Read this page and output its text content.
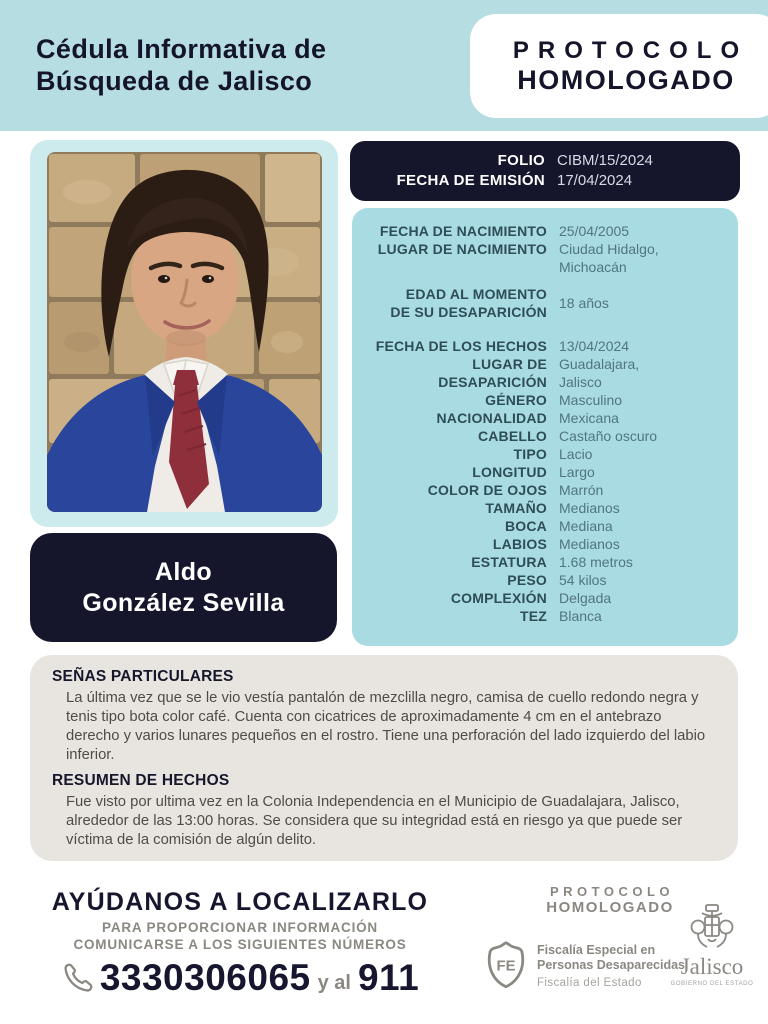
Cédula Informativa de
Búsqueda de Jalisco
PROTOCOLO
HOMOLOGADO
FOLIO CIBM/15/2024
FECHA DE EMISIÓN 17/04/2024
FECHA DE NACIMIENTO 25/04/2005
LUGAR DE NACIMIENTO Ciudad Hidalgo,
Michoacán
EDAD AL MOMENTO
DE SU DESAPARICIÓN
18 años
FECHA DE LOS HECHOS 13/04/2024
LUGAR DE DESAPARICIÓN
Guadalajara,
Jalisco
GÉNERO Masculino
NACIONALIDAD Mexicana
CABELLO Castaño oscuro
TIPO Lacio
LONGITUD Largo
COLOR DE OJOS Marrón
TAMAÑO Medianos
BOCA Mediana
LABIOS Medianos
ESTATURA 1.68 metros
PESO 54 kilos
COMPLEXIÓN Delgada
TEZ Blanca
Aldo
González Sevilla
SEÑAS PARTICULARES

La última vez que se le vio vestía pantalón de mezclilla negro, camisa de cuello redondo negra y tenis tipo bota color café. Cuenta con cicatrices de aproximadamente 4 cm en el antebrazo derecho y varios lunares pequeños en el rostro. Tiene una perforación del lado izquierdo del labio inferior.

RESUMEN DE HECHOS

Fue visto por ultima vez en la Colonia Independencia en el Municipio de Guadalajara, Jalisco, alrededor de las 13:00 horas. Se considera que su integridad está en riesgo ya que puede ser víctima de la comisión de algún delito.

AYÚDANOS A LOCALIZARLO
PARA PROPORCIONAR INFORMACIÓN
COMUNICARSE A LOS SIGUIENTES NÚMEROS
3330306065 y al 911
PROTOCOLO
HOMOLOGADO
FE
Fiscalía Especial en
Personas Desaparecidas
Fiscalía del Estado
Jalisco
GOBIERNO DEL ESTADO
